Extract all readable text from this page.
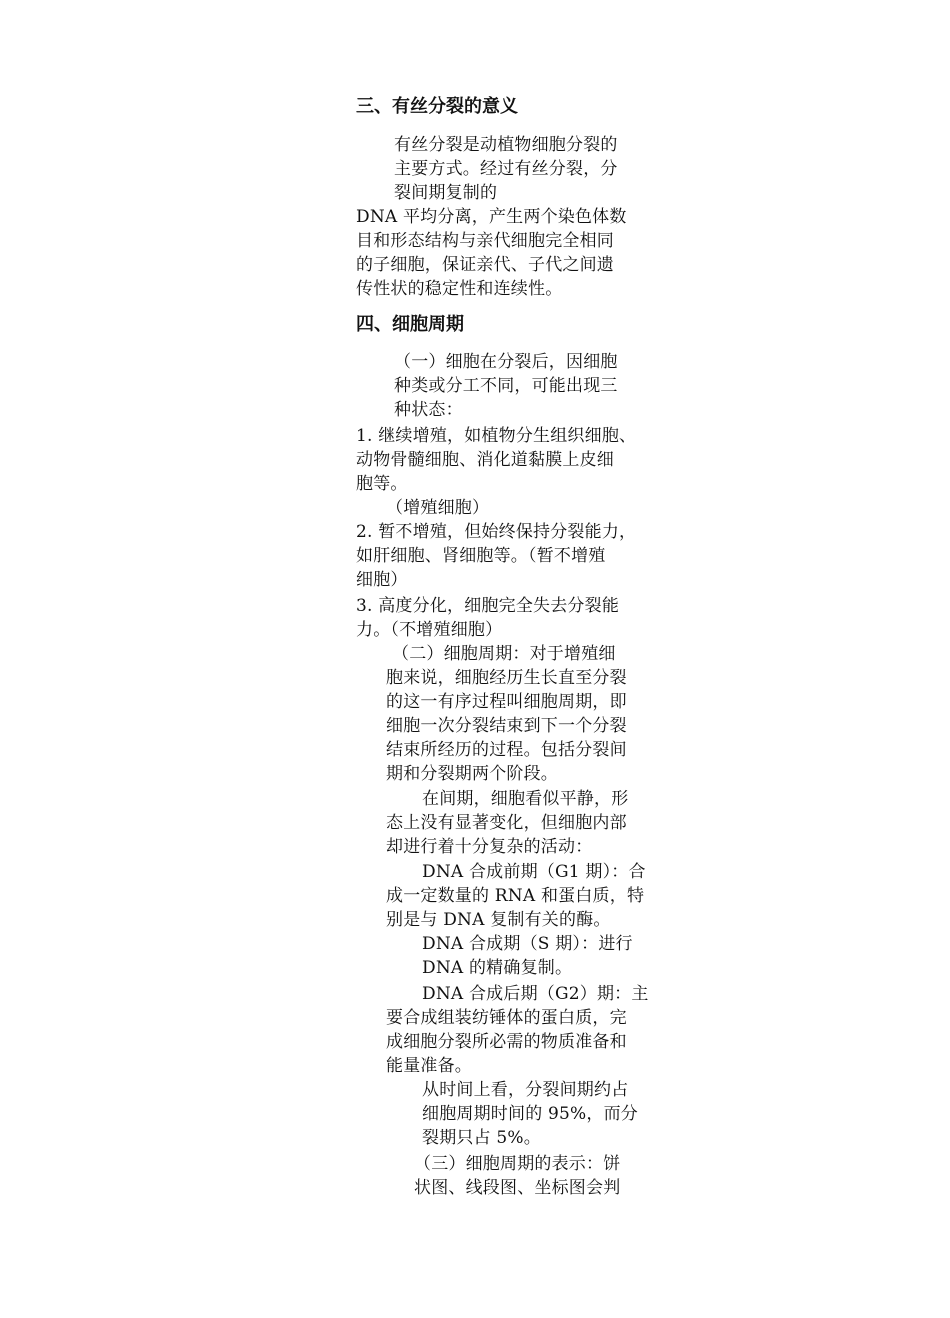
三、有丝分裂的意义

有丝分裂是动植物细胞分裂的

主要方式。经过有丝分裂，分

裂间期复制的

DNA 平均分离，产生两个染色体数

目和形态结构与亲代细胞完全相同

的子细胞，保证亲代、子代之间遗

传性状的稳定性和连续性。

四、细胞周期

（一）细胞在分裂后，因细胞

种类或分工不同，可能出现三

种状态：

1. 继续增殖，如植物分生组织细胞、

动物骨髓细胞、消化道黏膜上皮细

胞等。

（增殖细胞）

2. 暂不增殖，但始终保持分裂能力，

如肝细胞、肾细胞等。（暂不增殖

细胞）

3. 高度分化，细胞完全失去分裂能

力。（不增殖细胞）

（二）细胞周期：对于增殖细

胞来说，细胞经历生长直至分裂

的这一有序过程叫细胞周期，即

细胞一次分裂结束到下一个分裂

结束所经历的过程。包括分裂间

期和分裂期两个阶段。

在间期，细胞看似平静，形

态上没有显著变化，但细胞内部

却进行着十分复杂的活动：

DNA 合成前期（G1 期）：合

成一定数量的 RNA 和蛋白质，特

别是与 DNA 复制有关的酶。

DNA 合成期（S 期）：进行

DNA 的精确复制。

DNA 合成后期（G2）期：主

要合成组装纺锤体的蛋白质，完

成细胞分裂所必需的物质准备和

能量准备。

从时间上看，分裂间期约占

细胞周期时间的 95%，而分

裂期只占 5%。

（三）细胞周期的表示：饼

状图、线段图、坐标图会判
